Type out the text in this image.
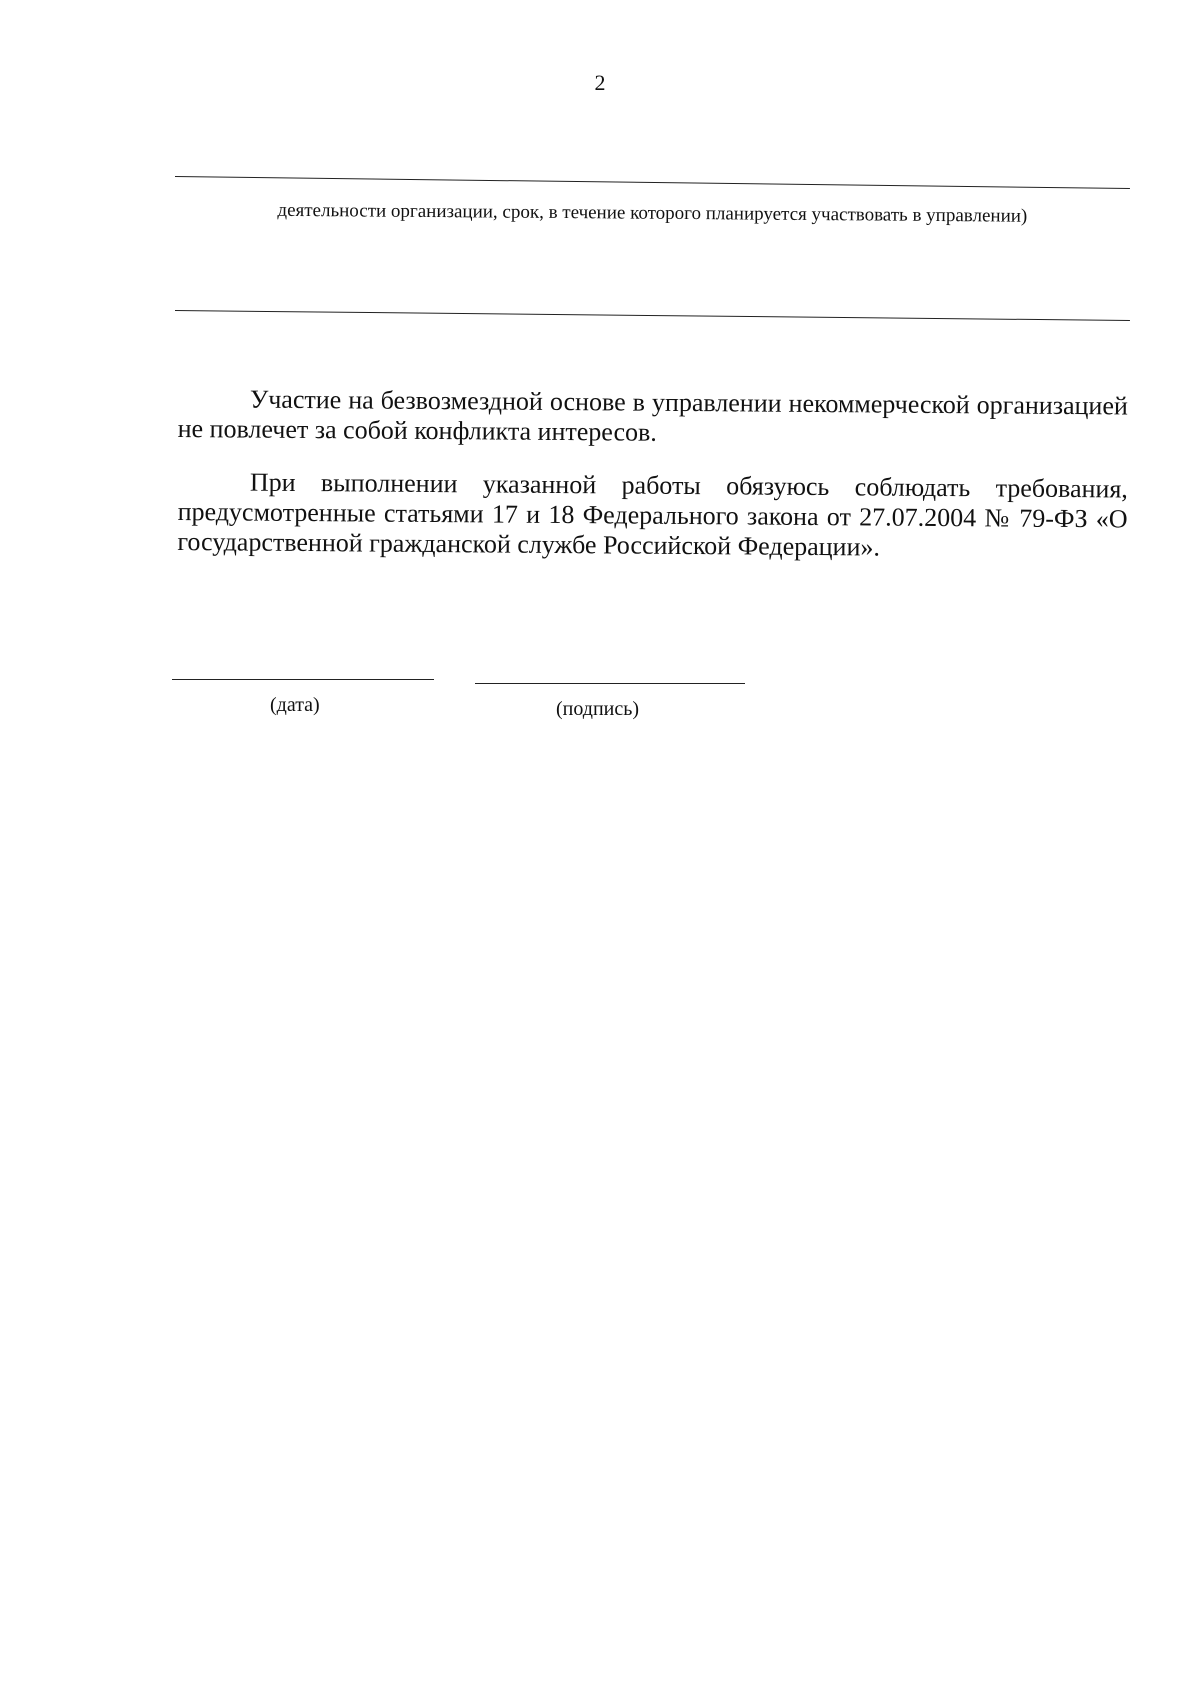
2
деятельности организации, срок, в течение которого планируется участвовать в управлении)

Участие на безвозмездной основе в управлении некоммерческой организацией не повлечет за собой конфликта интересов.

При выполнении указанной работы обязуюсь соблюдать требования, предусмотренные статьями 17 и 18 Федерального закона от 27.07.2004 № 79-ФЗ «О государственной гражданской службе Российской Федерации».

(дата)	(подпись)
